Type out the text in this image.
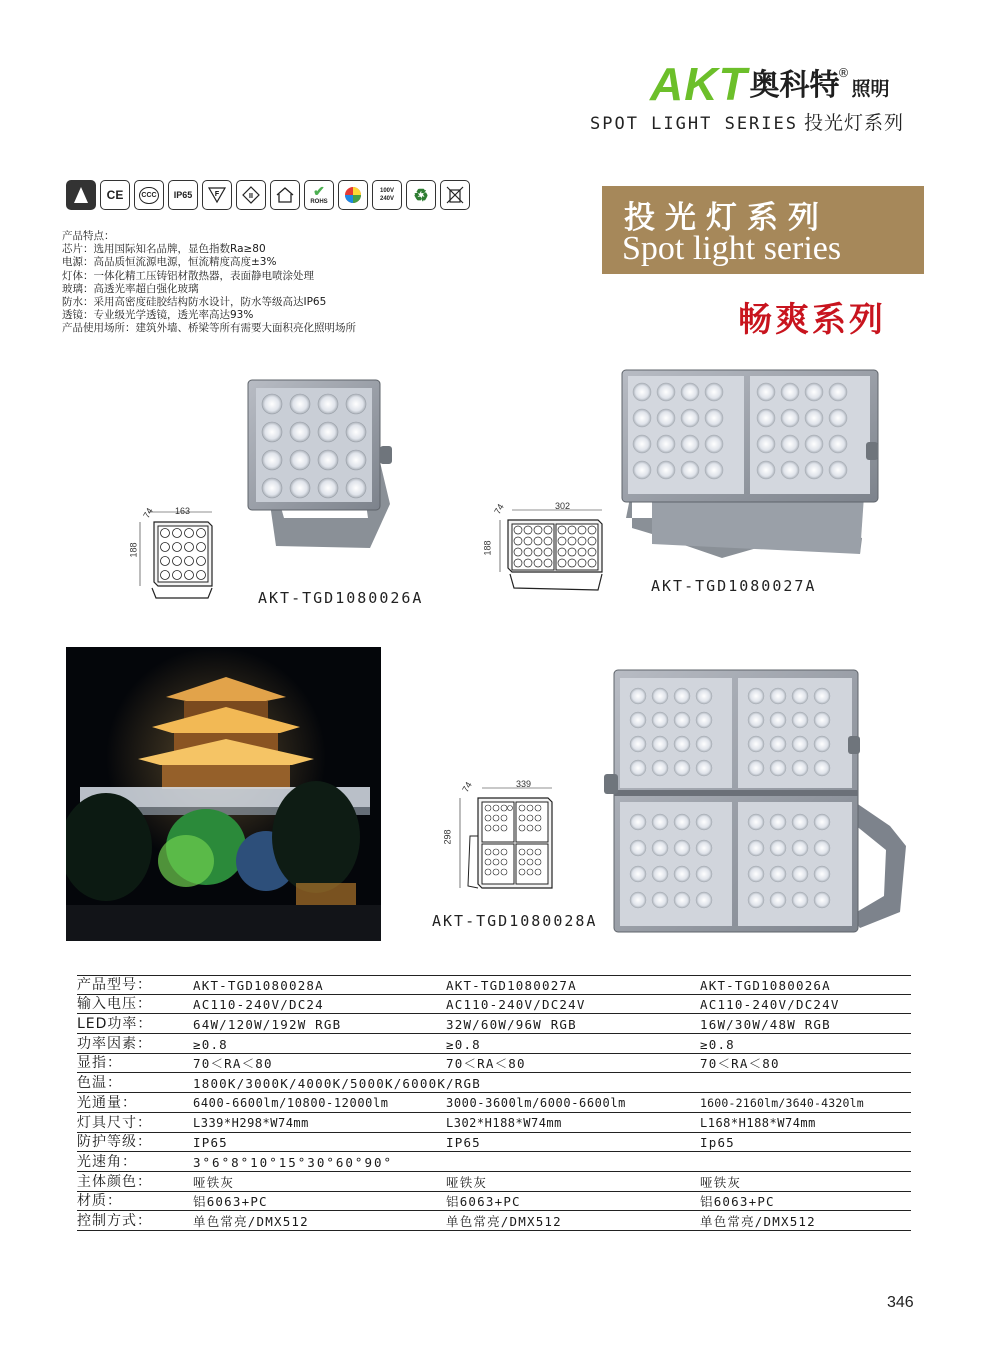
AKT 奥科特
®
照明
SPOT LIGHT SERIES 投光灯系列
CE	CCC IP65	F	II	✔
ROHS
100V 240V ♻
产品特点：
芯片：选用国际知名品牌，显色指数Ra≥80
电源：高品质恒流源电源，恒流精度高度±3%
灯体：一体化精工压铸铝材散热器，表面静电喷涂处理
玻璃：高透光率超白强化玻璃
防水：采用高密度硅胶结构防水设计，防水等级高达IP65
透镜：专业级光学透镜，透光率高达93%
产品使用场所：建筑外墙、桥梁等所有需要大面积亮化照明场所
投光灯系列
Spot light series
畅爽系列
74 163
188
AKT-TGD1080026A
74	302
188
AKT-TGD1080027A
74	339
298
AKT-TGD1080028A
产品型号：	AKT-TGD1080028A	AKT-TGD1080027A	AKT-TGD1080026A
输入电压：	AC110-240V/DC24	AC110-240V/DC24V	AC110-240V/DC24V
LED功率：	64W/120W/192W RGB	32W/60W/96W RGB	16W/30W/48W RGB
功率因素：	≥0.8	≥0.8	≥0.8
显指：	70＜RA＜80	70＜RA＜80	70＜RA＜80
色温：	1800K/3000K/4000K/5000K/6000K/RGB
光通量：	6400-6600lm/10800-12000lm	3000-3600lm/6000-6600lm	1600-2160lm/3640-4320lm
灯具尺寸：	L339*H298*W74mm	L302*H188*W74mm	L168*H188*W74mm
防护等级：	IP65	IP65	Ip65
光速角：	3°6°8°10°15°30°60°90°
主体颜色：	哑铁灰	哑铁灰	哑铁灰
材质：	铝6063+PC	铝6063+PC	铝6063+PC
控制方式：	单色常亮/DMX512	单色常亮/DMX512	单色常亮/DMX512
346
